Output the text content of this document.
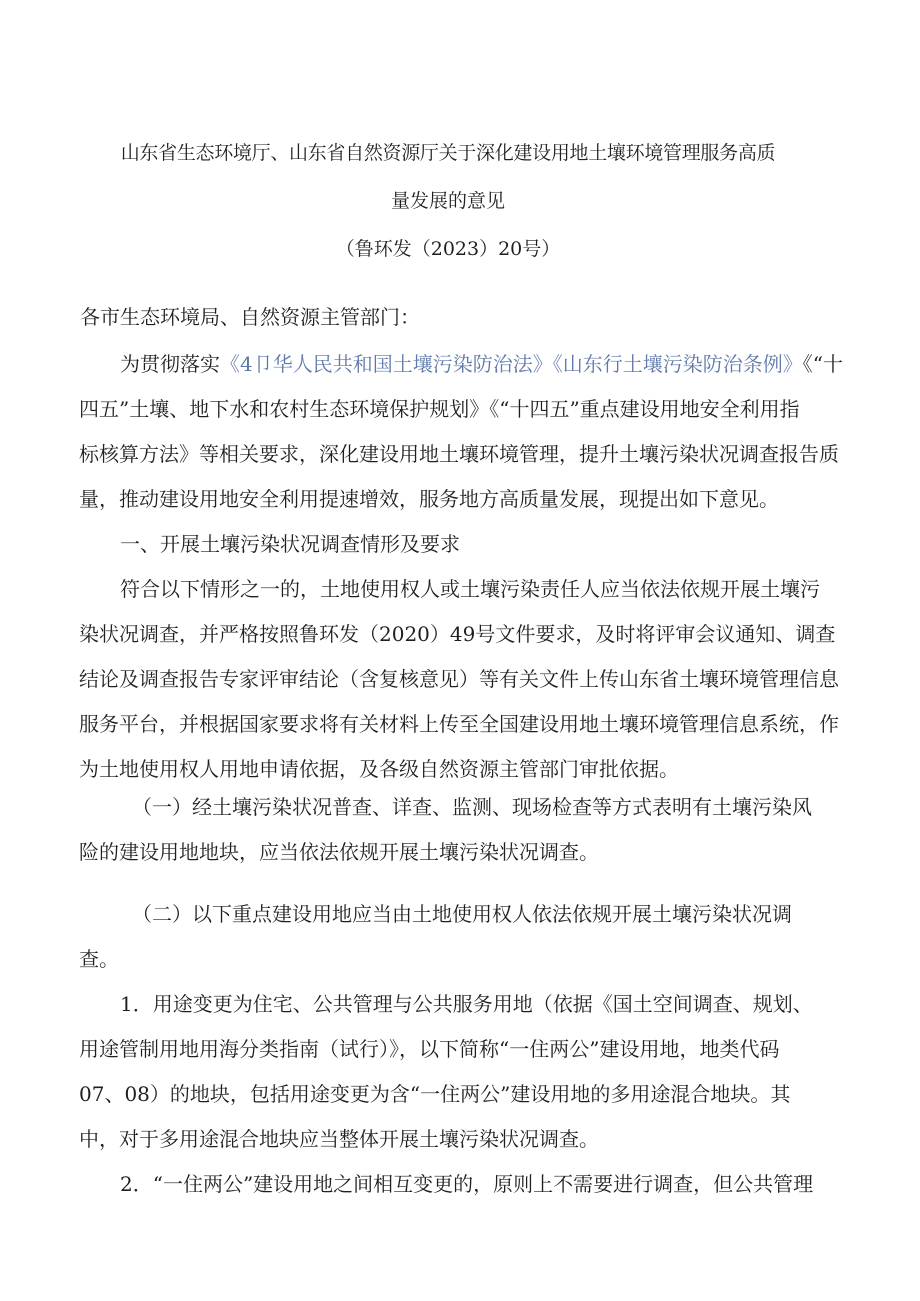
山东省生态环境厅、山东省自然资源厅关于深化建设用地土壤环境管理服务高质
量发展的意见
（鲁环发（2023）20号）
各市生态环境局、自然资源主管部门：
为贯彻落实《4卩华人民共和国土壤污染防治法》《山东行土壤污染防治条例》《“十
四五”土壤、地下水和农村生态环境保护规划》《“十四五”重点建设用地安全利用指
标核算方法》等相关要求，深化建设用地土壤环境管理，提升土壤污染状况调查报告质
量，推动建设用地安全利用提速增效，服务地方高质量发展，现提出如下意见。
一、开展土壤污染状况调查情形及要求
符合以下情形之一的，土地使用权人或土壤污染责任人应当依法依规开展土壤污
染状况调查，并严格按照鲁环发（2020）49号文件要求，及时将评审会议通知、调查
结论及调查报告专家评审结论（含复核意见）等有关文件上传山东省土壤环境管理信息
服务平台，并根据国家要求将有关材料上传至全国建设用地土壤环境管理信息系统，作
为土地使用权人用地申请依据，及各级自然资源主管部门审批依据。
（一）经土壤污染状况普查、详查、监测、现场检查等方式表明有土壤污染风
险的建设用地地块，应当依法依规开展土壤污染状况调查。
（二）以下重点建设用地应当由土地使用权人依法依规开展土壤污染状况调
查。
1．用途变更为住宅、公共管理与公共服务用地（依据《国土空间调查、规划、
用途管制用地用海分类指南（试行）》，以下简称“一住两公”建设用地，地类代码
07、08）的地块，包括用途变更为含“一住两公”建设用地的多用途混合地块。其
中，对于多用途混合地块应当整体开展土壤污染状况调查。
2．“一住两公”建设用地之间相互变更的，原则上不需要进行调查，但公共管理
